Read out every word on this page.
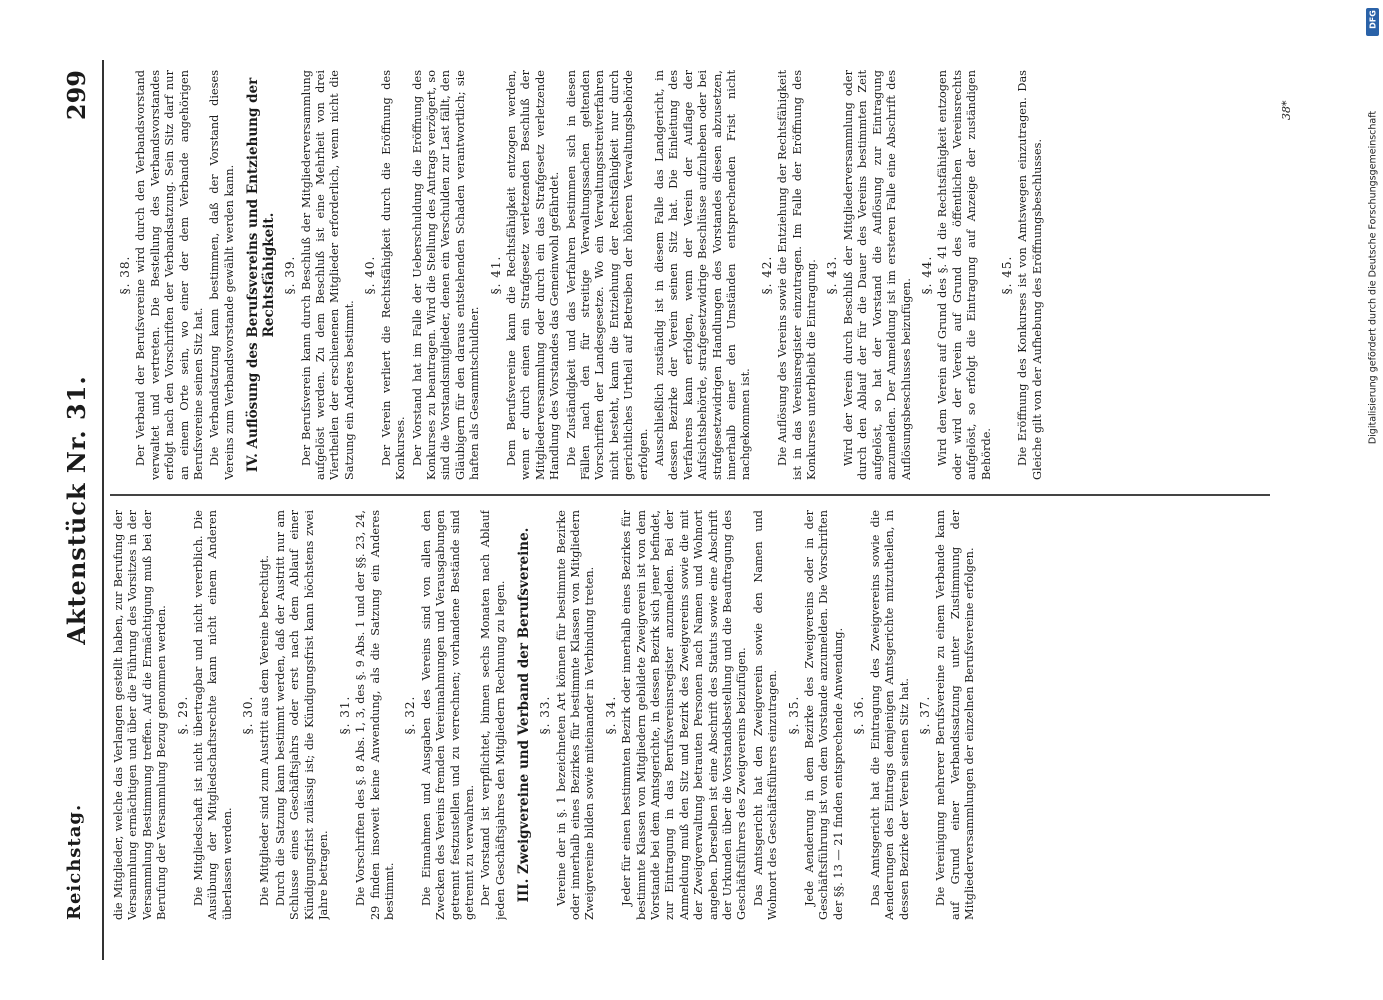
Reichstag.
Aktenstück Nr. 31.
299
die Mitglieder, welche das Verlangen gestellt haben, zur Berufung der Versammlung ermächtigen und über die Führung des Vorsitzes in der Versammlung Bestimmung treffen. Auf die Ermächtigung muß bei der Berufung der Versammlung Bezug genommen werden. §. 29. Die Mitgliedschaft ist nicht übertragbar und nicht vererblich. Die Ausübung der Mitgliedschaftsrechte kann nicht einem Anderen überlassen werden.
§. 30. Die Mitglieder sind zum Austritt aus dem Vereine berechtigt. Durch die Satzung kann bestimmt werden, daß der Austritt nur am Schlusse eines Geschäftsjahrs oder erst nach dem Ablauf einer Kündigungsfrist zulässig ist; die Kündigungsfrist kann höchstens zwei Jahre betragen.
§. 31. Die Vorschriften des §. 8 Abs. 1, 3, des §. 9 Abs. 1 und der §§. 23, 24, 29 finden insoweit keine Anwendung, als die Satzung ein Anderes bestimmt.
§. 32. Die Einnahmen und Ausgaben des Vereins sind von allen den Zwecken des Vereins fremden Vereinnahmungen und Verausgabungen getrennt festzustellen und zu verrechnen; vorhandene Bestände sind getrennt zu verwahren. Der Vorstand ist verpflichtet, binnen sechs Monaten nach Ablauf jeden Geschäftsjahres den Mitgliedern Rechnung zu legen. III. Zweigvereine und Verband der Berufsvereine. §. 33. Vereine der in §. 1 bezeichneten Art können für bestimmte Bezirke oder innerhalb eines Bezirkes für bestimmte Klassen von Mitgliedern Zweigvereine bilden sowie miteinander in Verbindung treten. §. 34. Jeder für einen bestimmten Bezirk oder innerhalb eines Bezirkes für bestimmte Klassen von Mitgliedern gebildete Zweigverein ist von dem Vorstande bei dem Amtsgerichte, in dessen Bezirk sich jener befindet, zur Eintragung in das Berufsvereinsregister anzumelden. Bei der Anmeldung muß den Sitz und Bezirk des Zweigvereins sowie die mit der Zweigverwaltung betrauten Personen nach Namen und Wohnort angeben. Derselben ist eine Abschrift des Statuts sowie eine Abschrift der Urkunden über die Vorstandsbestellung und die Beauftragung des Geschäftsführers des Zweigvereins beizufügen. Das Amtsgericht hat den Zweigverein sowie den Namen und Wohnort des Geschäftsführers einzutragen. §. 35. Jede Aenderung in dem Bezirke des Zweigvereins oder in der Geschäftsführung ist von dem Vorstande anzumelden. Die Vorschriften der §§. 13 — 21 finden entsprechende Anwendung. §. 36. Das Amtsgericht hat die Eintragung des Zweigvereins sowie die Aenderungen des Eintrags demjenigen Amtsgerichte mitzutheilen, in dessen Bezirke der Verein seinen Sitz hat. §. 37. Die Vereinigung mehrerer Berufsvereine zu einem Verbande kann auf Grund einer Verbandssatzung unter Zustimmung der Mitgliederversammlungen der einzelnen Berufsvereine erfolgen.
§. 38. Der Verband der Berufsvereine wird durch den Verbandsvorstand verwaltet und vertreten. Die Bestellung des Verbandsvorstandes erfolgt nach den Vorschriften der Verbandsatzung. Sein Sitz darf nur an einem Orte sein, wo einer der dem Verbande angehörigen Berufsvereine seinen Sitz hat. Die Verbandsatzung kann bestimmen, daß der Vorstand dieses Vereins zum Verbandsvorstande gewählt werden kann. IV. Auflösung des Berufsvereins und Entziehung der Rechtsfähigkeit. §. 39. Der Berufsverein kann durch Beschluß der Mitgliederversammlung aufgelöst werden. Zu dem Beschluß ist eine Mehrheit von drei Viertheilen der erschienenen Mitglieder erforderlich, wenn nicht die Satzung ein Anderes bestimmt.
§. 40. Der Verein verliert die Rechtsfähigkeit durch die Eröffnung des Konkurses. Der Vorstand hat im Falle der Ueberschuldung die Eröffnung des Konkurses zu beantragen. Wird die Stellung des Antrags verzögert, so sind die Vorstandsmitglieder, denen ein Verschulden zur Last fällt, den Gläubigern für den daraus entstehenden Schaden verantwortlich; sie haften als Gesammtschuldner.
§. 41. Dem Berufsvereine kann die Rechtsfähigkeit entzogen werden, wenn er durch einen ein Strafgesetz verletzenden Beschluß der Mitgliederversammlung oder durch ein das Strafgesetz verletzende Handlung des Vorstandes das Gemeinwohl gefährdet. Die Zuständigkeit und das Verfahren bestimmen sich in diesen Fällen nach den für streitige Verwaltungssachen geltenden Vorschriften der Landesgesetze. Wo ein Verwaltungsstreitverfahren nicht besteht, kann die Entziehung der Rechtsfähigkeit nur durch gerichtliches Urtheil auf Betreiben der höheren Verwaltungsbehörde erfolgen. Ausschließlich zuständig ist in diesem Falle das Landgericht, in dessen Bezirke der Verein seinen Sitz hat. Die Einleitung des Verfahrens kann erfolgen, wenn der Verein der Auflage der Aufsichtsbehörde, strafgesetzwidrige Beschlüsse aufzuheben oder bei strafgesetzwidrigen Handlungen des Vorstandes diesen abzusetzen, innerhalb einer den Umständen entsprechenden Frist nicht nachgekommen ist.
§. 42. Die Auflösung des Vereins sowie die Entziehung der Rechtsfähigkeit ist in das Vereinsregister einzutragen. Im Falle der Eröffnung des Konkurses unterbleibt die Eintragung. §. 43. Wird der Verein durch Beschluß der Mitgliederversammlung oder durch den Ablauf der für die Dauer des Vereins bestimmten Zeit aufgelöst, so hat der Vorstand die Auflösung zur Eintragung anzumelden. Der Anmeldung ist im ersteren Falle eine Abschrift des Auflösungsbeschlusses beizufügen.
§. 44. Wird dem Verein auf Grund des §. 41 die Rechtsfähigkeit entzogen oder wird der Verein auf Grund des öffentlichen Vereinsrechts aufgelöst, so erfolgt die Eintragung auf Anzeige der zuständigen Behörde.
§. 45. Die Eröffnung des Konkurses ist von Amtswegen einzutragen. Das Gleiche gilt von der Aufhebung des Eröffnungsbeschlusses.
38*
DFG
Digitalisierung gefördert durch die Deutsche Forschungsgemeinschaft
